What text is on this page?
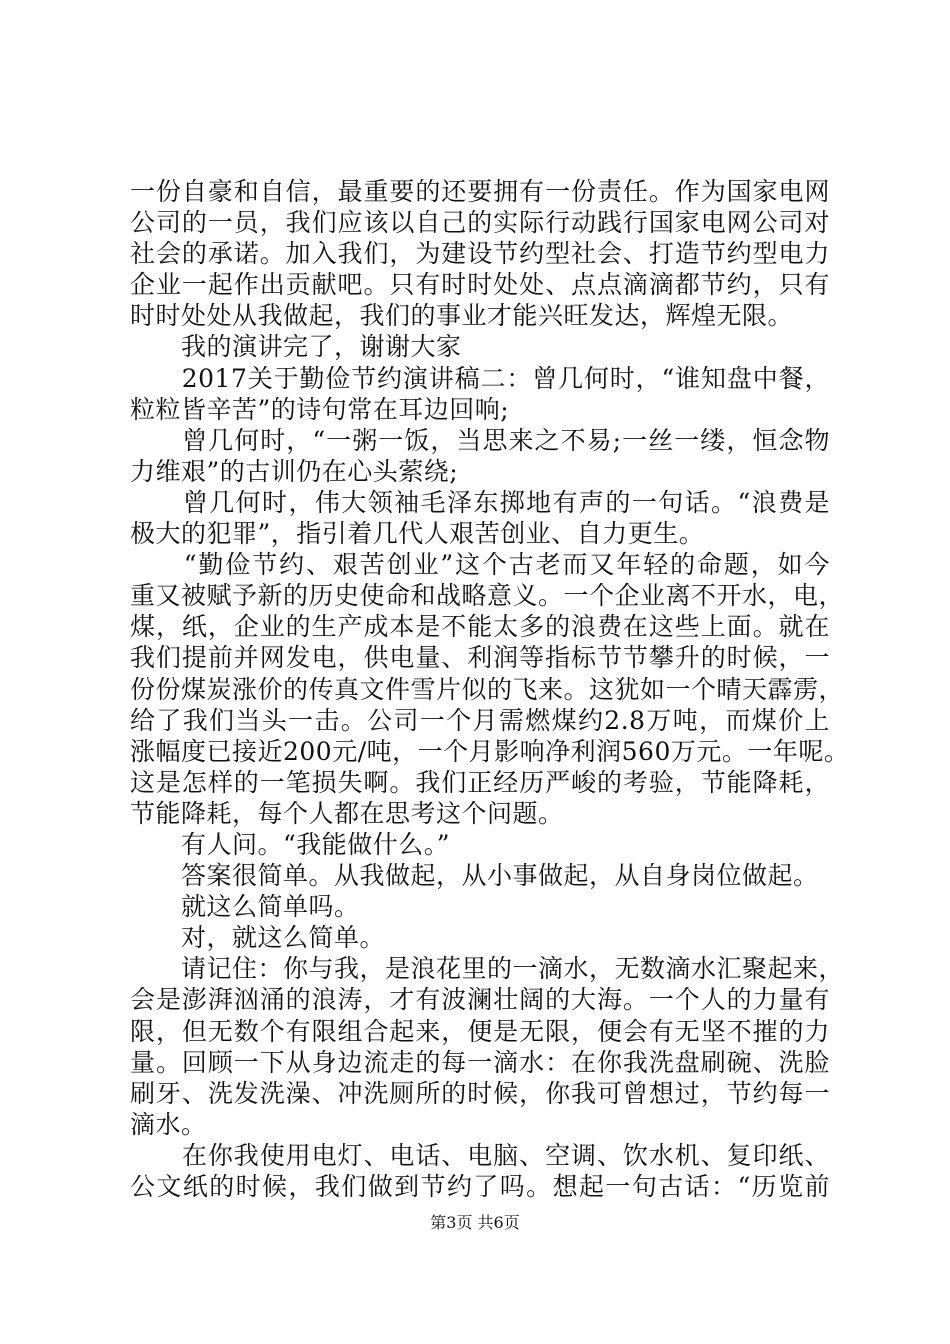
一份自豪和自信，最重要的还要拥有一份责任。作为国家电网
公司的一员，我们应该以自己的实际行动践行国家电网公司对
社会的承诺。加入我们，为建设节约型社会、打造节约型电力
企业一起作出贡献吧。只有时时处处、点点滴滴都节约，只有
时时处处从我做起，我们的事业才能兴旺发达，辉煌无限。
　　我的演讲完了，谢谢大家
　　2017关于勤俭节约演讲稿二：曾几何时，“谁知盘中餐，
粒粒皆辛苦”的诗句常在耳边回响;
　　曾几何时，“一粥一饭，当思来之不易;一丝一缕，恒念物
力维艰”的古训仍在心头萦绕;
　　曾几何时，伟大领袖毛泽东掷地有声的一句话。“浪费是
极大的犯罪”，指引着几代人艰苦创业、自力更生。
　　“勤俭节约、艰苦创业”这个古老而又年轻的命题，如今
重又被赋予新的历史使命和战略意义。一个企业离不开水，电，
煤，纸，企业的生产成本是不能太多的浪费在这些上面。就在
我们提前并网发电，供电量、利润等指标节节攀升的时候，一
份份煤炭涨价的传真文件雪片似的飞来。这犹如一个晴天霹雳，
给了我们当头一击。公司一个月需燃煤约2.8万吨，而煤价上
涨幅度已接近200元/吨，一个月影响净利润560万元。一年呢。
这是怎样的一笔损失啊。我们正经历严峻的考验，节能降耗，
节能降耗，每个人都在思考这个问题。
　　有人问。“我能做什么。”
　　答案很简单。从我做起，从小事做起，从自身岗位做起。
　　就这么简单吗。
　　对，就这么简单。
　　请记住：你与我，是浪花里的一滴水，无数滴水汇聚起来，
会是澎湃汹涌的浪涛，才有波澜壮阔的大海。一个人的力量有
限，但无数个有限组合起来，便是无限，便会有无坚不摧的力
量。回顾一下从身边流走的每一滴水：在你我洗盘刷碗、洗脸
刷牙、洗发洗澡、冲洗厕所的时候，你我可曾想过，节约每一
滴水。
　　在你我使用电灯、电话、电脑、空调、饮水机、复印纸、
公文纸的时候，我们做到节约了吗。想起一句古话：“历览前
第3页 共6页
